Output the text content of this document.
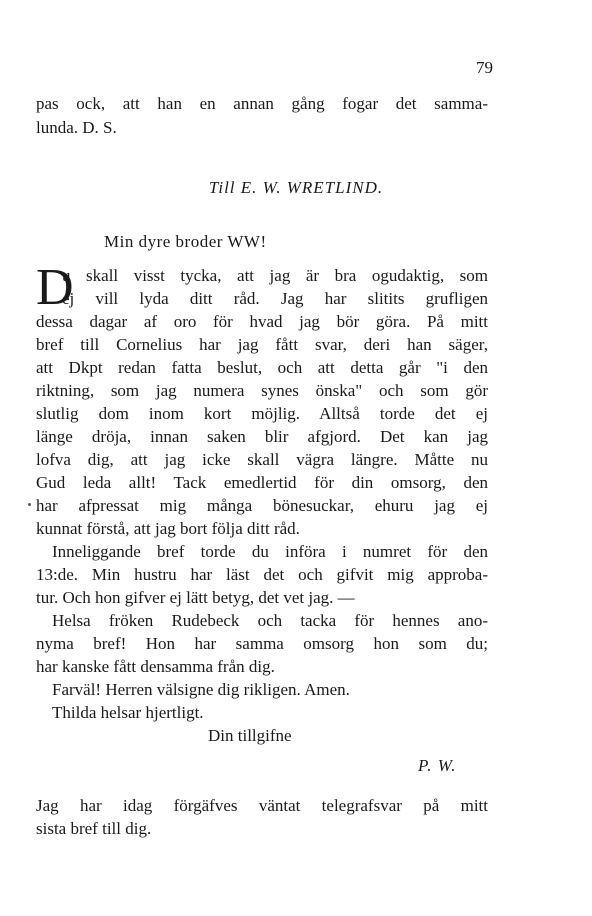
79
pas ock, att han en annan gång fogar det samma-
lunda. D. S.
Till E. W. WRETLIND.
Min dyre broder WW!
D
u skall visst tycka, att jag är bra ogudaktig, som
ej vill lyda ditt råd. Jag har slitits grufligen
dessa dagar af oro för hvad jag bör göra. På mitt
bref till Cornelius har jag fått svar, deri han säger,
att Dkpt redan fatta beslut, och att detta går "i den
riktning, som jag numera synes önska" och som gör
slutlig dom inom kort möjlig. Alltså torde det ej
länge dröja, innan saken blir afgjord. Det kan jag
lofva dig, att jag icke skall vägra längre. Måtte nu
Gud leda allt! Tack emedlertid för din omsorg, den
har afpressat mig många bönesuckar, ehuru jag ej
kunnat förstå, att jag bort följa ditt råd.
Inneliggande bref torde du införa i numret för den
13:de. Min hustru har läst det och gifvit mig approba-
tur. Och hon gifver ej lätt betyg, det vet jag. —
Helsa fröken Rudebeck och tacka för hennes ano-
nyma bref! Hon har samma omsorg hon som du;
har kanske fått densamma från dig.
Farväl! Herren välsigne dig rikligen. Amen.
Thilda helsar hjertligt.
Din tillgifne
P. W.
Jag har idag förgäfves väntat telegrafsvar på mitt
sista bref till dig.
